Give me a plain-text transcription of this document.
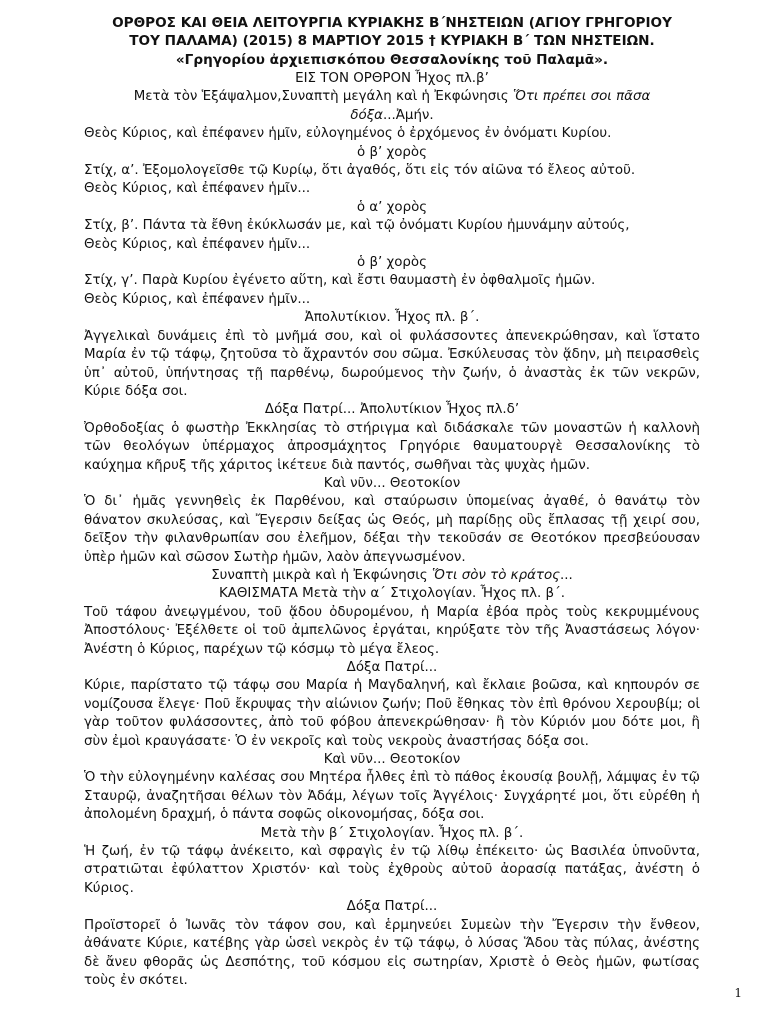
ΟΡΘΡΟΣ ΚΑΙ ΘΕΙΑ ΛΕΙΤΟΥΡΓΙΑ ΚΥΡΙΑΚΗΣ Β΄ΝΗΣΤΕΙΩΝ (ΑΓΙΟΥ ΓΡΗΓΟΡΙΟΥ
ΤΟΥ ΠΑΛΑΜΑ) (2015) 8 ΜΑΡΤΙΟΥ 2015 † ΚΥΡΙΑΚΗ Β΄ ΤΩΝ ΝΗΣΤΕΙΩΝ.
«Γρηγορίου ἀρχιεπισκόπου Θεσσαλονίκης τοῦ Παλαμᾶ».
ΕΙΣ ΤΟΝ ΟΡΘΡΟΝ Ἦχος πλ.β’
Μετὰ τὸν Ἑξάψαλμον,Συναπτὴ μεγάλη καὶ ἡ Ἐκφώνησις Ὅτι πρέπει σοι πᾶσα
δόξα...Ἀμήν.
Θεὸς Κύριος, καὶ ἐπέφανεν ἡμῖν, εὐλογημένος ὁ ἐρχόμενος ἐν ὀνόματι Κυρίου.
ὁ β’ χορὸς
Στίχ, α’. Ἐξομολογεῖσθε τῷ Κυρίῳ, ὅτι ἀγαθός, ὅτι εἰς τόν αἰῶνα τό ἔλεος αὐτοῦ.
Θεὸς Κύριος, καὶ ἐπέφανεν ἡμῖν...
ὁ α’ χορὸς
Στίχ, β’. Πάντα τὰ ἔθνη ἐκύκλωσάν με, καὶ τῷ ὀνόματι Κυρίου ἠμυνάμην αὐτούς,
Θεὸς Κύριος, καὶ ἐπέφανεν ἡμῖν...
ὁ β’ χορὸς
Στίχ, γ’. Παρὰ Κυρίου ἐγένετο αὕτη, καὶ ἔστι θαυμαστὴ ἐν ὀφθαλμοῖς ἡμῶν.
Θεὸς Κύριος, καὶ ἐπέφανεν ἡμῖν...
Ἀπολυτίκιον. Ἦχος πλ. β΄.
Ἀγγελικαὶ δυνάμεις ἐπὶ τὸ μνῆμά σου, καὶ οἱ φυλάσσοντες ἀπενεκρώθησαν, καὶ ἵστατο Μαρία ἐν τῷ τάφῳ, ζητοῦσα τὸ ἄχραντόν σου σῶμα. Ἐσκύλευσας τὸν ᾅδην, μὴ πειρασθεὶς ὑπ᾿ αὐτοῦ, ὑπήντησας τῇ παρθένῳ, δωρούμενος τὴν ζωήν, ὁ ἀναστὰς ἐκ τῶν νεκρῶν, Κύριε δόξα σοι.
Δόξα Πατρί... Ἀπολυτίκιον Ἦχος πλ.δ’
Ὀρθοδοξίας ὁ φωστὴρ Ἐκκλησίας τὸ στήριγμα καὶ διδάσκαλε τῶν μοναστῶν ἡ καλλονὴ τῶν θεολόγων ὑπέρμαχος ἀπροσμάχητος Γρηγόριε θαυματουργὲ Θεσσαλονίκης τὸ καύχημα κῆρυξ τῆς χάριτος ἱκέτευε διὰ παντός, σωθῆναι τὰς ψυχὰς ἡμῶν.
Καὶ νῦν... Θεοτοκίον
Ὁ δι᾿ ἡμᾶς γεννηθεὶς ἐκ Παρθένου, καὶ σταύρωσιν ὑπομείνας ἀγαθέ, ὁ θανάτῳ τὸν θάνατον σκυλεύσας, καὶ Ἔγερσιν δείξας ὡς Θεός, μὴ παρίδῃς οὓς ἔπλασας τῇ χειρί σου, δεῖξον τὴν φιλανθρωπίαν σου ἐλεῆμον, δέξαι τὴν τεκοῦσάν σε Θεοτόκον πρεσβεύουσαν ὑπὲρ ἡμῶν καὶ σῶσον Σωτὴρ ἡμῶν, λαὸν ἀπεγνωσμένον.
Συναπτὴ μικρὰ καὶ ἡ Ἐκφώνησις Ὅτι σὸν τὸ κράτος...
ΚΑΘΙΣΜΑΤΑ Μετὰ τὴν α΄ Στιχολογίαν. Ἦχος πλ. β΄.
Τοῦ τάφου ἀνεῳγμένου, τοῦ ᾅδου ὀδυρομένου, ἡ Μαρία ἐβόα πρὸς τοὺς κεκρυμμένους Ἀποστόλους· Ἐξέλθετε οἱ τοῦ ἀμπελῶνος ἐργάται, κηρύξατε τὸν τῆς Ἀναστάσεως λόγον· Ἀνέστη ὁ Κύριος, παρέχων τῷ κόσμῳ τὸ μέγα ἔλεος.
Δόξα Πατρί...
Κύριε, παρίστατο τῷ τάφῳ σου Μαρία ἡ Μαγδαληνή, καὶ ἔκλαιε βοῶσα, καὶ κηπουρόν σε νομίζουσα ἔλεγε· Ποῦ ἔκρυψας τὴν αἰώνιον ζωήν; Ποῦ ἔθηκας τὸν ἐπὶ θρόνου Χερουβίμ; οἱ γὰρ τοῦτον φυλάσσοντες, ἀπὸ τοῦ φόβου ἀπενεκρώθησαν· ἢ τὸν Κύριόν μου δότε μοι, ἢ σὺν ἐμοὶ κραυγάσατε· Ὁ ἐν νεκροῖς καὶ τοὺς νεκροὺς ἀναστήσας δόξα σοι.
Καὶ νῦν... Θεοτοκίον
Ὁ τὴν εὐλογημένην καλέσας σου Μητέρα ἦλθες ἐπὶ τὸ πάθος ἑκουσίᾳ βουλῇ, λάμψας ἐν τῷ Σταυρῷ, ἀναζητῆσαι θέλων τὸν Ἀδάμ, λέγων τοῖς Ἀγγέλοις· Συγχάρητέ μοι, ὅτι εὑρέθη ἡ ἀπολομένη δραχμή, ὁ πάντα σοφῶς οἰκονομήσας, δόξα σοι.
Μετὰ τὴν β΄ Στιχολογίαν. Ἦχος πλ. β΄.
Ἡ ζωή, ἐν τῷ τάφῳ ἀνέκειτο, καὶ σφραγὶς ἐν τῷ λίθῳ ἐπέκειτο· ὡς Βασιλέα ὑπνοῦντα, στρατιῶται ἐφύλαττον Χριστόν· καὶ τοὺς ἐχθροὺς αὐτοῦ ἀορασίᾳ πατάξας, ἀνέστη ὁ Κύριος.
Δόξα Πατρί...
Προϊστορεῖ ὁ Ἰωνᾶς τὸν τάφον σου, καὶ ἑρμηνεύει Συμεὼν τὴν Ἔγερσιν τὴν ἔνθεον, ἀθάνατε Κύριε, κατέβης γὰρ ὡσεὶ νεκρὸς ἐν τῷ τάφῳ, ὁ λύσας Ἅδου τὰς πύλας, ἀνέστης δὲ ἄνευ φθορᾶς ὡς Δεσπότης, τοῦ κόσμου εἰς σωτηρίαν, Χριστὲ ὁ Θεὸς ἡμῶν, φωτίσας τοὺς ἐν σκότει.
1
